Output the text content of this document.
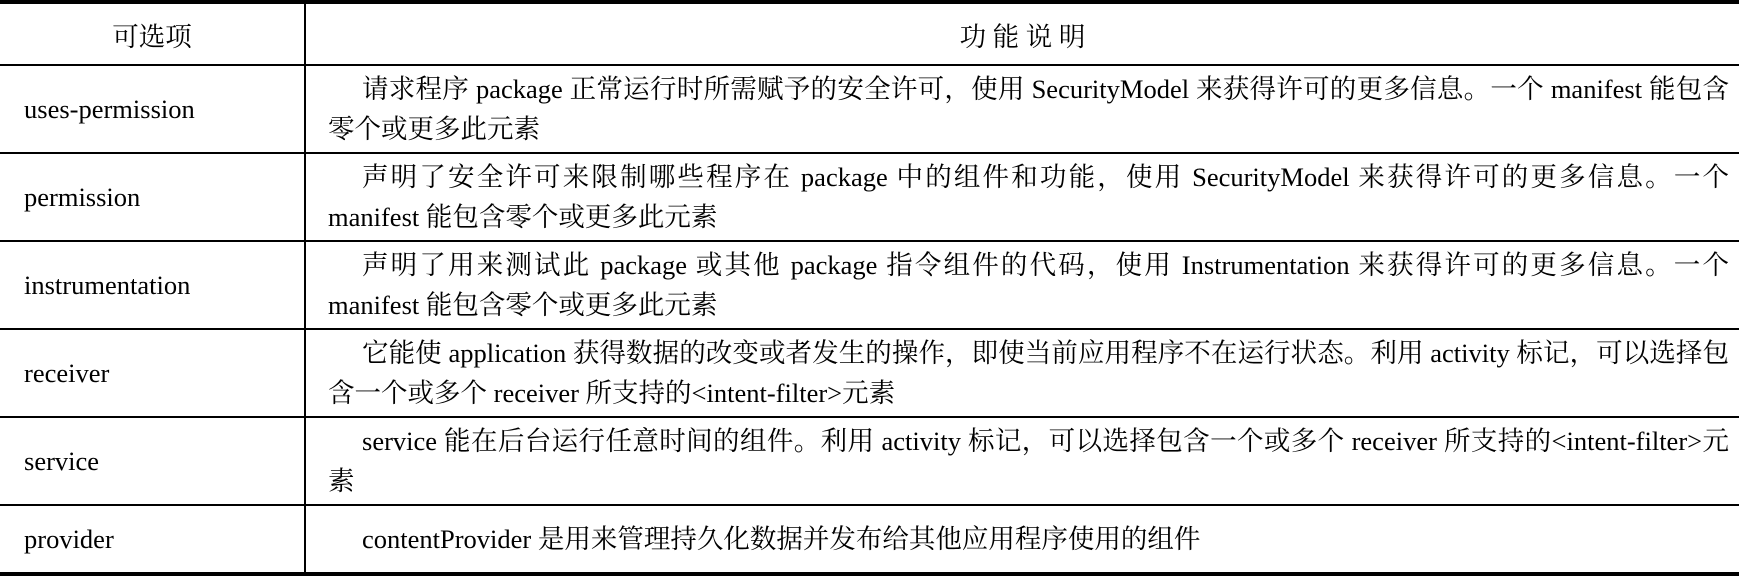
可选项	功 能 说 明
uses-permission	请求程序 package 正常运行时所需赋予的安全许可，使用 SecurityModel 来获得许可的更多信息。一个 manifest 能包含零个或更多此元素
permission	声明了安全许可来限制哪些程序在 package 中的组件和功能，使用 SecurityModel 来获得许可的更多信息。一个 manifest 能包含零个或更多此元素
instrumentation	声明了用来测试此 package 或其他 package 指令组件的代码，使用 Instrumentation 来获得许可的更多信息。一个 manifest 能包含零个或更多此元素
receiver	它能使 application 获得数据的改变或者发生的操作，即使当前应用程序不在运行状态。利用 activity 标记，可以选择包含一个或多个 receiver 所支持的<intent-filter>元素
service	service 能在后台运行任意时间的组件。利用 activity 标记，可以选择包含一个或多个 receiver 所支持的<intent-filter>元素
provider	contentProvider 是用来管理持久化数据并发布给其他应用程序使用的组件
